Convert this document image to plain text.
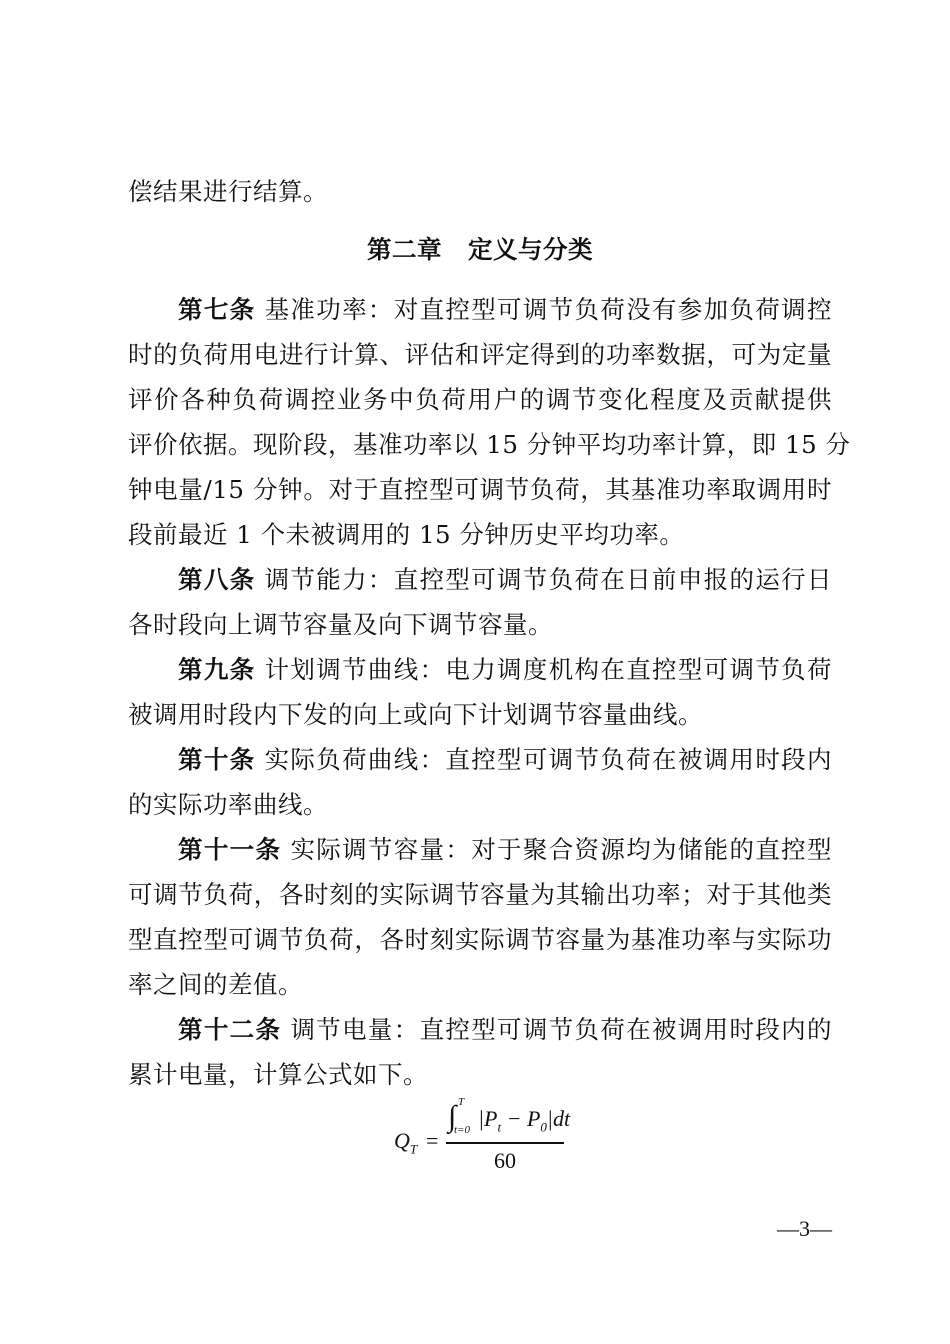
偿结果进行结算。
第二章 定义与分类
第七条 基准功率：对直控型可调节负荷没有参加负荷调控
时的负荷用电进行计算、评估和评定得到的功率数据，可为定量
评价各种负荷调控业务中负荷用户的调节变化程度及贡献提供
评价依据。现阶段，基准功率以 15 分钟平均功率计算，即 15 分
钟电量/15 分钟。对于直控型可调节负荷，其基准功率取调用时
段前最近 1 个未被调用的 15 分钟历史平均功率。
第八条 调节能力：直控型可调节负荷在日前申报的运行日
各时段向上调节容量及向下调节容量。
第九条 计划调节曲线：电力调度机构在直控型可调节负荷
被调用时段内下发的向上或向下计划调节容量曲线。
第十条 实际负荷曲线：直控型可调节负荷在被调用时段内
的实际功率曲线。
第十一条 实际调节容量：对于聚合资源均为储能的直控型
可调节负荷，各时刻的实际调节容量为其输出功率；对于其他类
型直控型可调节负荷，各时刻实际调节容量为基准功率与实际功
率之间的差值。
第十二条 调节电量：直控型可调节负荷在被调用时段内的
累计电量，计算公式如下。
$Q_T$ =
∫ T
t=0 $|P_t - P_0|dt$
60
—3—
